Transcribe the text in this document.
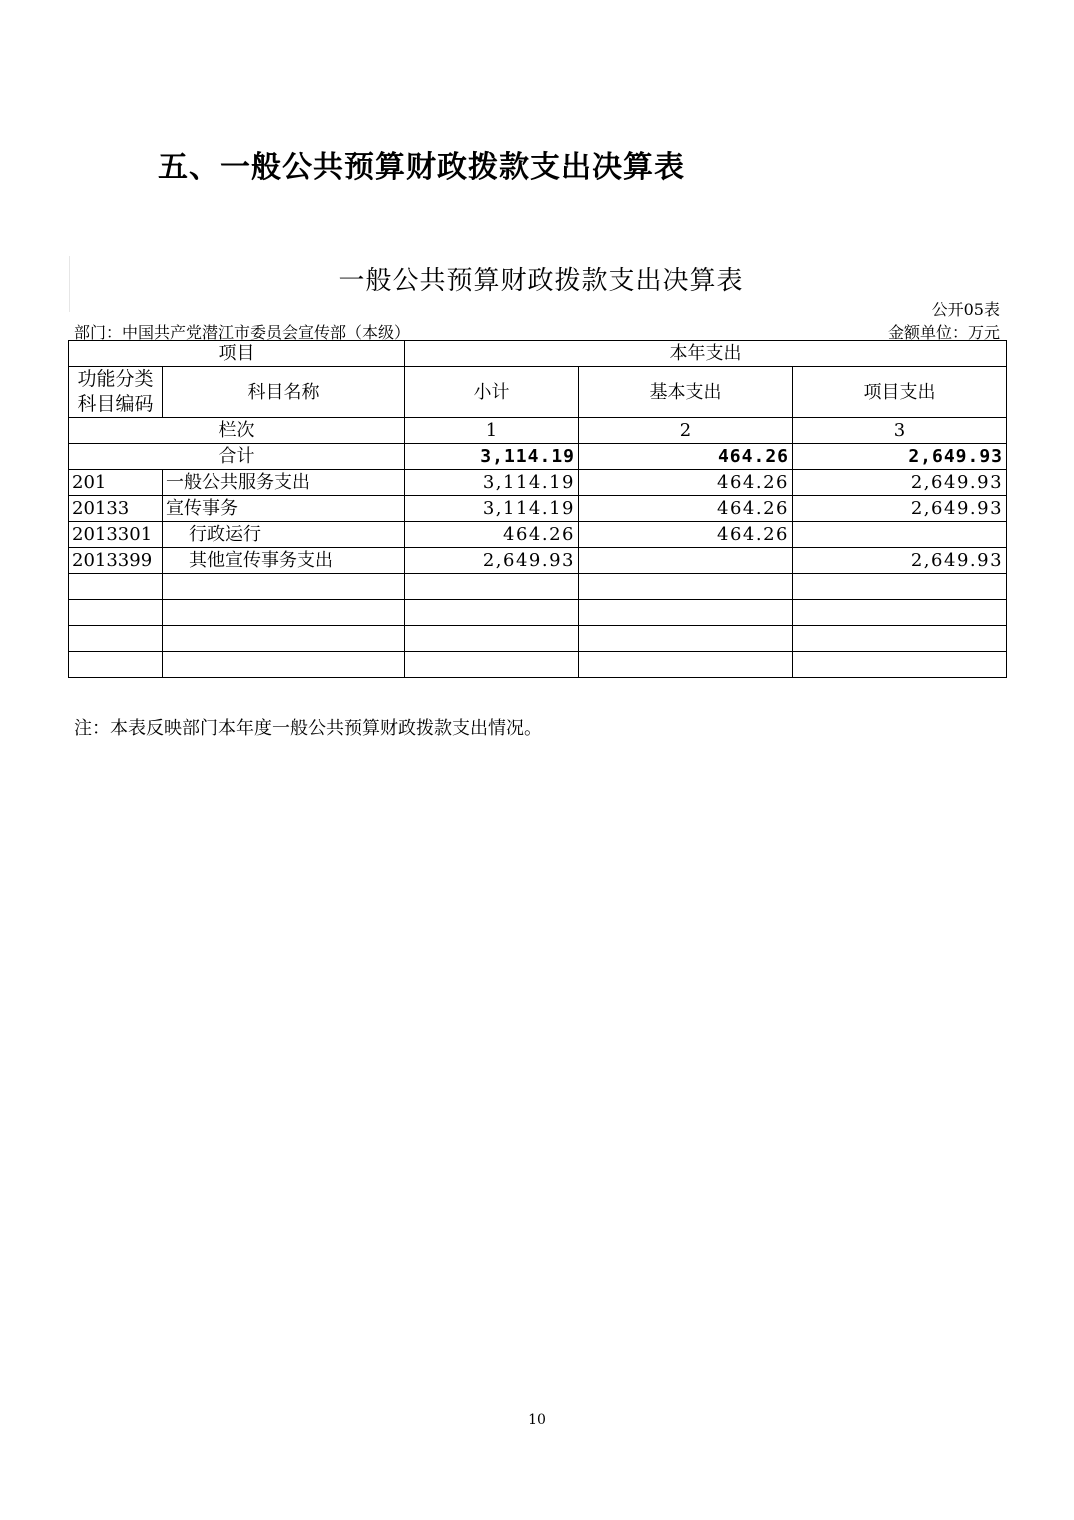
五、一般公共预算财政拨款支出决算表
一般公共预算财政拨款支出决算表
公开05表
部门：中国共产党潜江市委员会宣传部（本级）	金额单位：万元
项目		本年支出		
功能分类科目编码	科目名称	小计	基本支出	项目支出
栏次		1	2	3
合计		3,114.19	464.26	2,649.93
201	一般公共服务支出	3,114.19	464.26	2,649.93
20133	宣传事务	3,114.19	464.26	2,649.93
2013301	行政运行	464.26	464.26	
2013399	其他宣传事务支出	2,649.93		2,649.93

注：本表反映部门本年度一般公共预算财政拨款支出情况。
10
